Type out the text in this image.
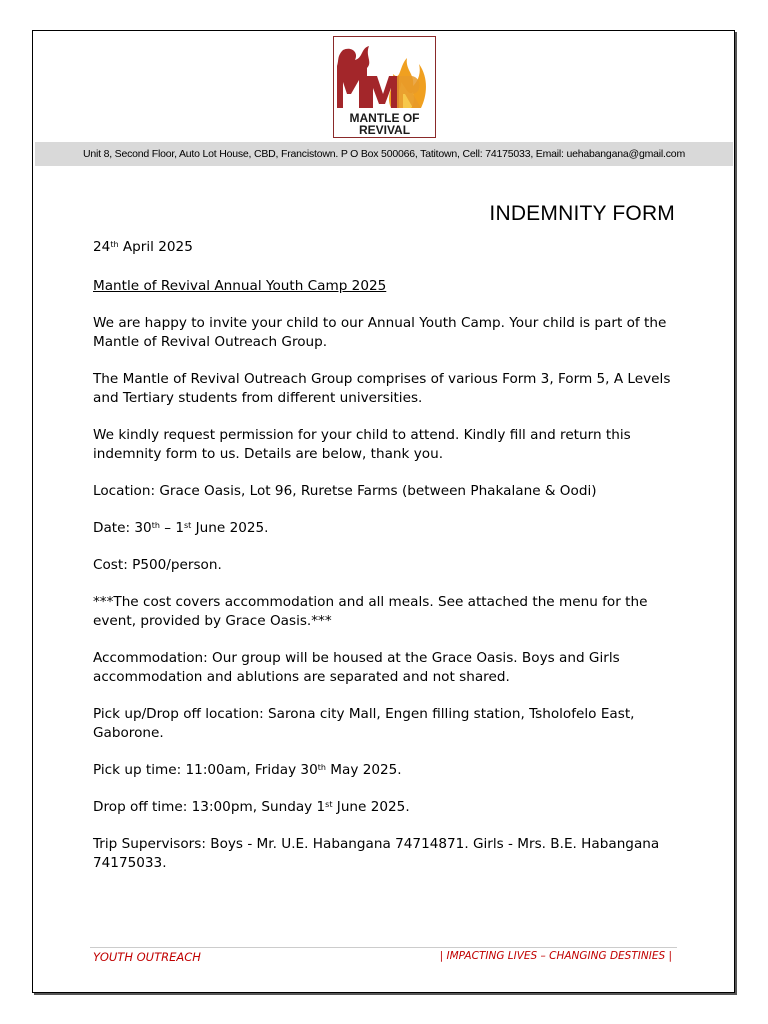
MANTLE OF
REVIVAL
Unit 8, Second Floor, Auto Lot House, CBD, Francistown. P O Box 500066, Tatitown, Cell: 74175033, Email: uehabangana@gmail.com
INDEMNITY FORM

24th April 2025

Mantle of Revival Annual Youth Camp 2025

We are happy to invite your child to our Annual Youth Camp. Your child is part of the Mantle of Revival Outreach Group.

The Mantle of Revival Outreach Group comprises of various Form 3, Form 5, A Levels and Tertiary students from different universities.

We kindly request permission for your child to attend. Kindly fill and return this indemnity form to us. Details are below, thank you.

Location: Grace Oasis, Lot 96, Ruretse Farms (between Phakalane & Oodi)

Date: 30th – 1st June 2025.

Cost: P500/person.

***The cost covers accommodation and all meals. See attached the menu for the event, provided by Grace Oasis.***

Accommodation: Our group will be housed at the Grace Oasis. Boys and Girls accommodation and ablutions are separated and not shared.

Pick up/Drop off location: Sarona city Mall, Engen filling station, Tsholofelo East, Gaborone.

Pick up time: 11:00am, Friday 30th May 2025.

Drop off time: 13:00pm, Sunday 1st June 2025.

Trip Supervisors: Boys - Mr. U.E. Habangana 74714871. Girls - Mrs. B.E. Habangana 74175033.

YOUTH OUTREACH	| IMPACTING LIVES – CHANGING DESTINIES |
